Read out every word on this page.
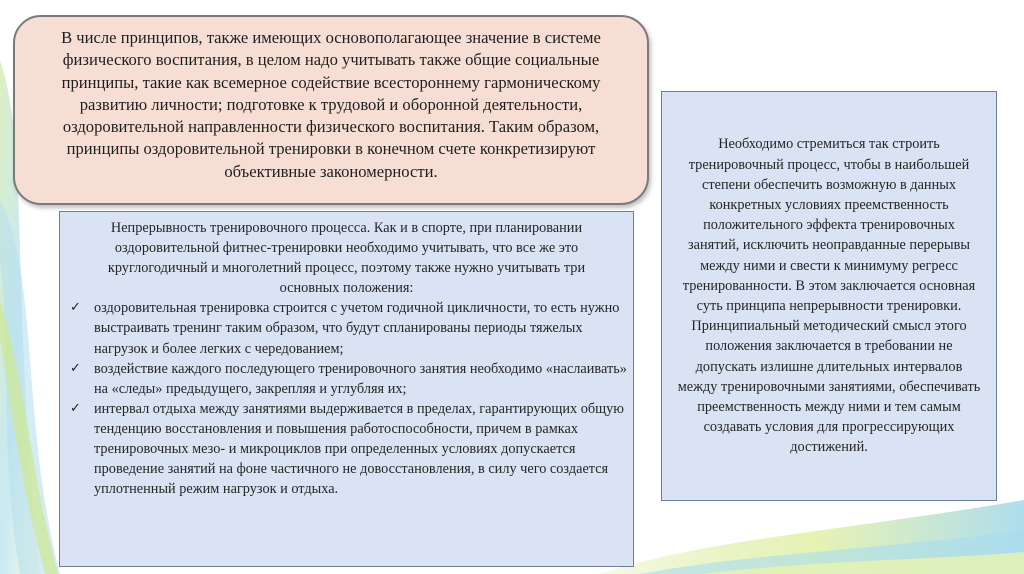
В числе принципов, также имеющих основополагающее значение в системе физического воспитания, в целом надо учитывать также общие социальные принципы, такие как всемерное содействие всестороннему гармоническому развитию личности; подготовке к трудовой и оборонной деятельности, оздоровительной направленности физического воспитания. Таким образом, принципы оздоровительной тренировки в конечном счете конкретизируют объективные закономерности.

Непрерывность тренировочного процесса. Как и в спорте, при планировании оздоровительной фитнес-тренировки необходимо учитывать, что все же это круглогодичный и многолетний процесс, поэтому также нужно учитывать три основных положения:

✓ оздоровительная тренировка строится с учетом годичной цикличности, то есть нужно выстраивать тренинг таким образом, что будут спланированы периоды тяжелых нагрузок и более легких с чередованием;
✓ воздействие каждого последующего тренировочного занятия необходимо «наслаивать» на «следы» предыдущего, закрепляя и углубляя их;
✓ интервал отдыха между занятиями выдерживается в пределах, гарантирующих общую тенденцию восстановления и повышения работоспособности, причем в рамках тренировочных мезо- и микроциклов при определенных условиях допускается проведение занятий на фоне частичного не довосстановления, в силу чего создается уплотненный режим нагрузок и отдыха.
Необходимо стремиться так строить тренировочный процесс, чтобы в наибольшей степени обеспечить возможную в данных конкретных условиях преемственность положительного эффекта тренировочных занятий, исключить неоправданные перерывы между ними и свести к минимуму регресс тренированности. В этом заключается основная суть принципа непрерывности тренировки. Принципиальный методический смысл этого положения заключается в требовании не допускать излишне длительных интервалов между тренировочными занятиями, обеспечивать преемственность между ними и тем самым создавать условия для прогрессирующих достижений.
